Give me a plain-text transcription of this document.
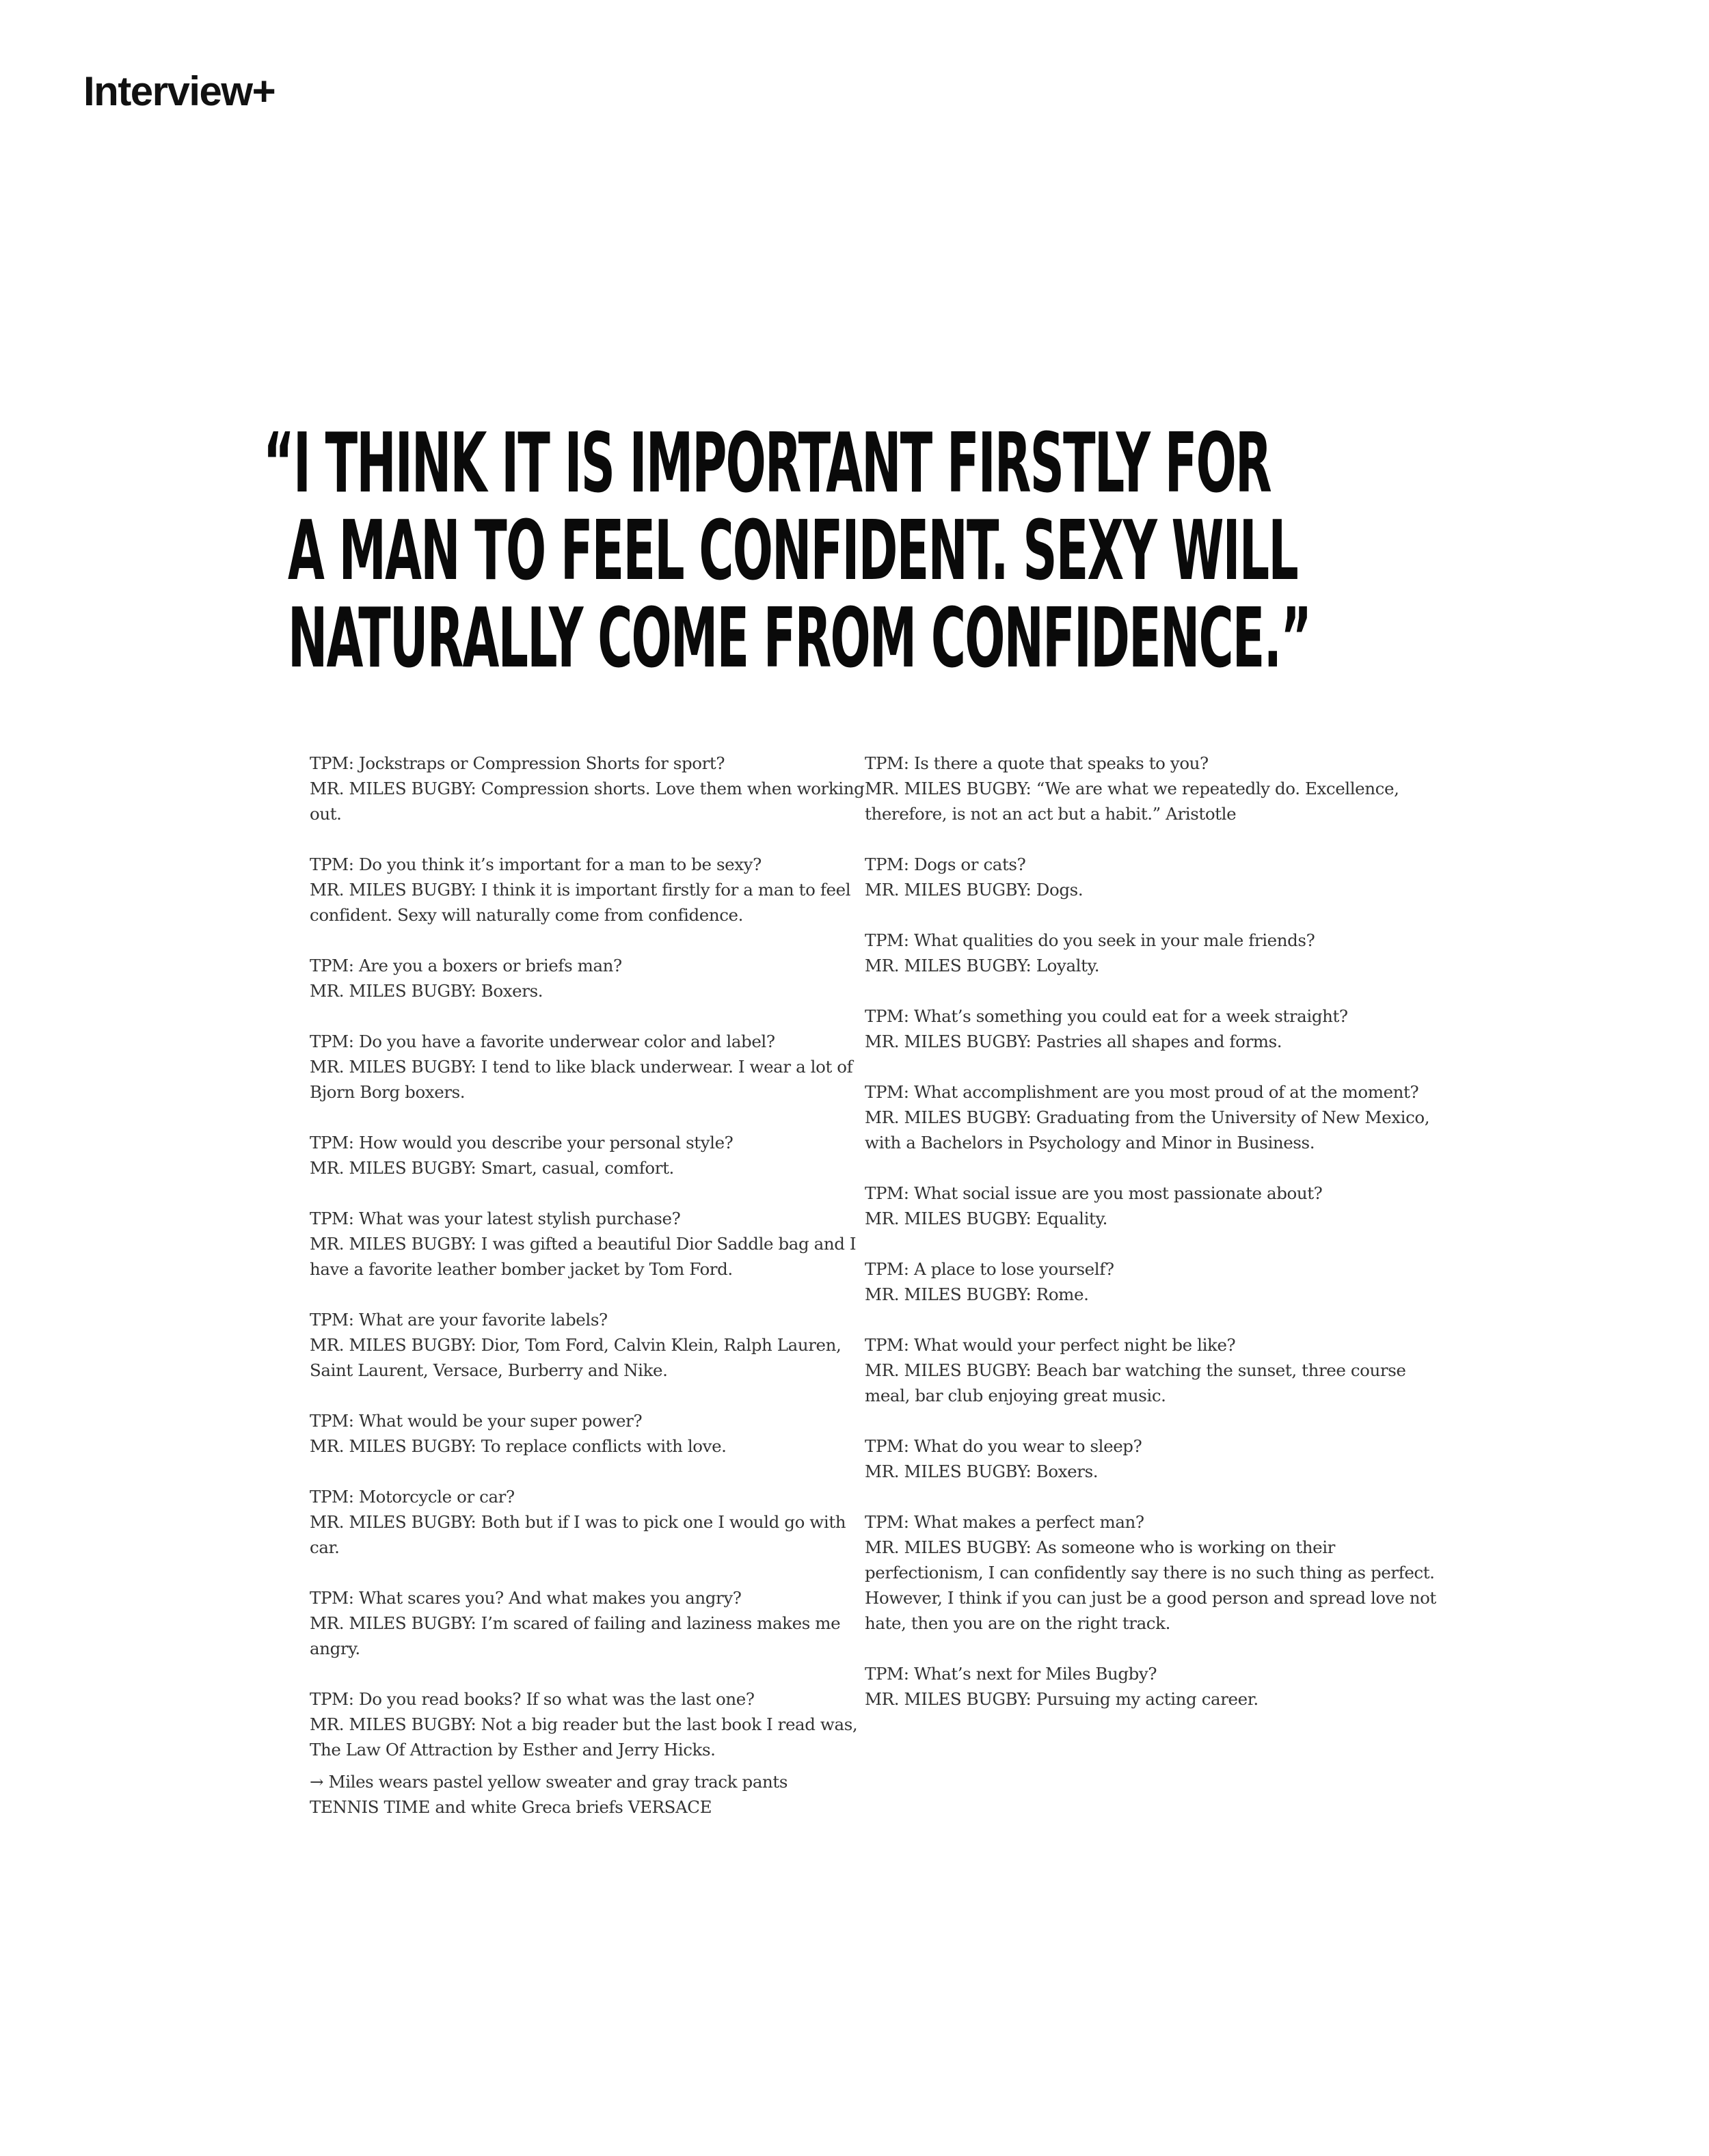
Interview+
“I THINK IT IS IMPORTANT FIRSTLY FOR
A MAN TO FEEL CONFIDENT. SEXY WILL
NATURALLY COME FROM CONFIDENCE.”

TPM: Jockstraps or Compression Shorts for sport?

MR. MILES BUGBY: Compression shorts. Love them when working out.

TPM: Do you think it’s important for a man to be sexy?

MR. MILES BUGBY: I think it is important firstly for a man to feel confident. Sexy will naturally come from confidence.

TPM: Are you a boxers or briefs man?

MR. MILES BUGBY: Boxers.

TPM: Do you have a favorite underwear color and label?

MR. MILES BUGBY: I tend to like black underwear. I wear a lot of Bjorn Borg boxers.

TPM: How would you describe your personal style?

MR. MILES BUGBY: Smart, casual, comfort.

TPM: What was your latest stylish purchase?

MR. MILES BUGBY: I was gifted a beautiful Dior Saddle bag and I have a favorite leather bomber jacket by Tom Ford.

TPM: What are your favorite labels?

MR. MILES BUGBY: Dior, Tom Ford, Calvin Klein, Ralph Lauren, Saint Laurent, Versace, Burberry and Nike.

TPM: What would be your super power?

MR. MILES BUGBY: To replace conflicts with love.

TPM: Motorcycle or car?

MR. MILES BUGBY: Both but if I was to pick one I would go with car.

TPM: What scares you? And what makes you angry?

MR. MILES BUGBY: I’m scared of failing and laziness makes me angry.

TPM: Do you read books? If so what was the last one?

MR. MILES BUGBY: Not a big reader but the last book I read was, The Law Of Attraction by Esther and Jerry Hicks.

TPM: Is there a quote that speaks to you?

MR. MILES BUGBY: “We are what we repeatedly do. Excellence, therefore, is not an act but a habit.” Aristotle

TPM: Dogs or cats?

MR. MILES BUGBY: Dogs.

TPM: What qualities do you seek in your male friends?

MR. MILES BUGBY: Loyalty.

TPM: What’s something you could eat for a week straight?

MR. MILES BUGBY: Pastries all shapes and forms.

TPM: What accomplishment are you most proud of at the moment?

MR. MILES BUGBY: Graduating from the University of New Mexico, with a Bachelors in Psychology and Minor in Business.

TPM: What social issue are you most passionate about?

MR. MILES BUGBY: Equality.

TPM: A place to lose yourself?

MR. MILES BUGBY: Rome.

TPM: What would your perfect night be like?

MR. MILES BUGBY: Beach bar watching the sunset, three course meal, bar club enjoying great music.

TPM: What do you wear to sleep?

MR. MILES BUGBY: Boxers.

TPM: What makes a perfect man?

MR. MILES BUGBY: As someone who is working on their perfectionism, I can confidently say there is no such thing as perfect. However, I think if you can just be a good person and spread love not hate, then you are on the right track.

TPM: What’s next for Miles Bugby?

MR. MILES BUGBY: Pursuing my acting career.

→ Miles wears pastel yellow sweater and gray track pants

TENNIS TIME and white Greca briefs VERSACE
